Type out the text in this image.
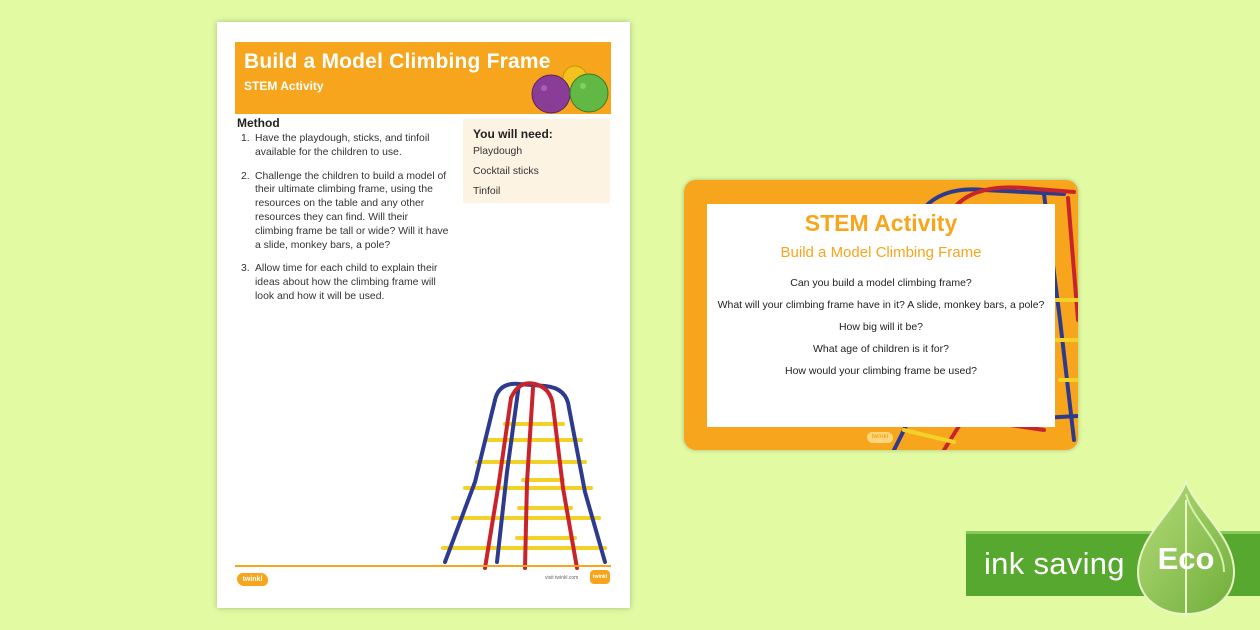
Build a Model Climbing Frame
STEM Activity
Method
1. Have the playdough, sticks, and tinfoil available for the children to use.
2. Challenge the children to build a model of their ultimate climbing frame, using the resources on the table and any other resources they can find. Will their climbing frame be tall or wide? Will it have a slide, monkey bars, a pole?
3. Allow time for each child to explain their ideas about how the climbing frame will look and how it will be used.
You will need:
Playdough
Cocktail sticks
Tinfoil
twinkl	visit twinkl.com	twinkl
STEM Activity
Build a Model Climbing Frame

Can you build a model climbing frame?

What will your climbing frame have in it? A slide, monkey bars, a pole?

How big will it be?

What age of children is it for?

How would your climbing frame be used?

twinkl
ink saving Eco
